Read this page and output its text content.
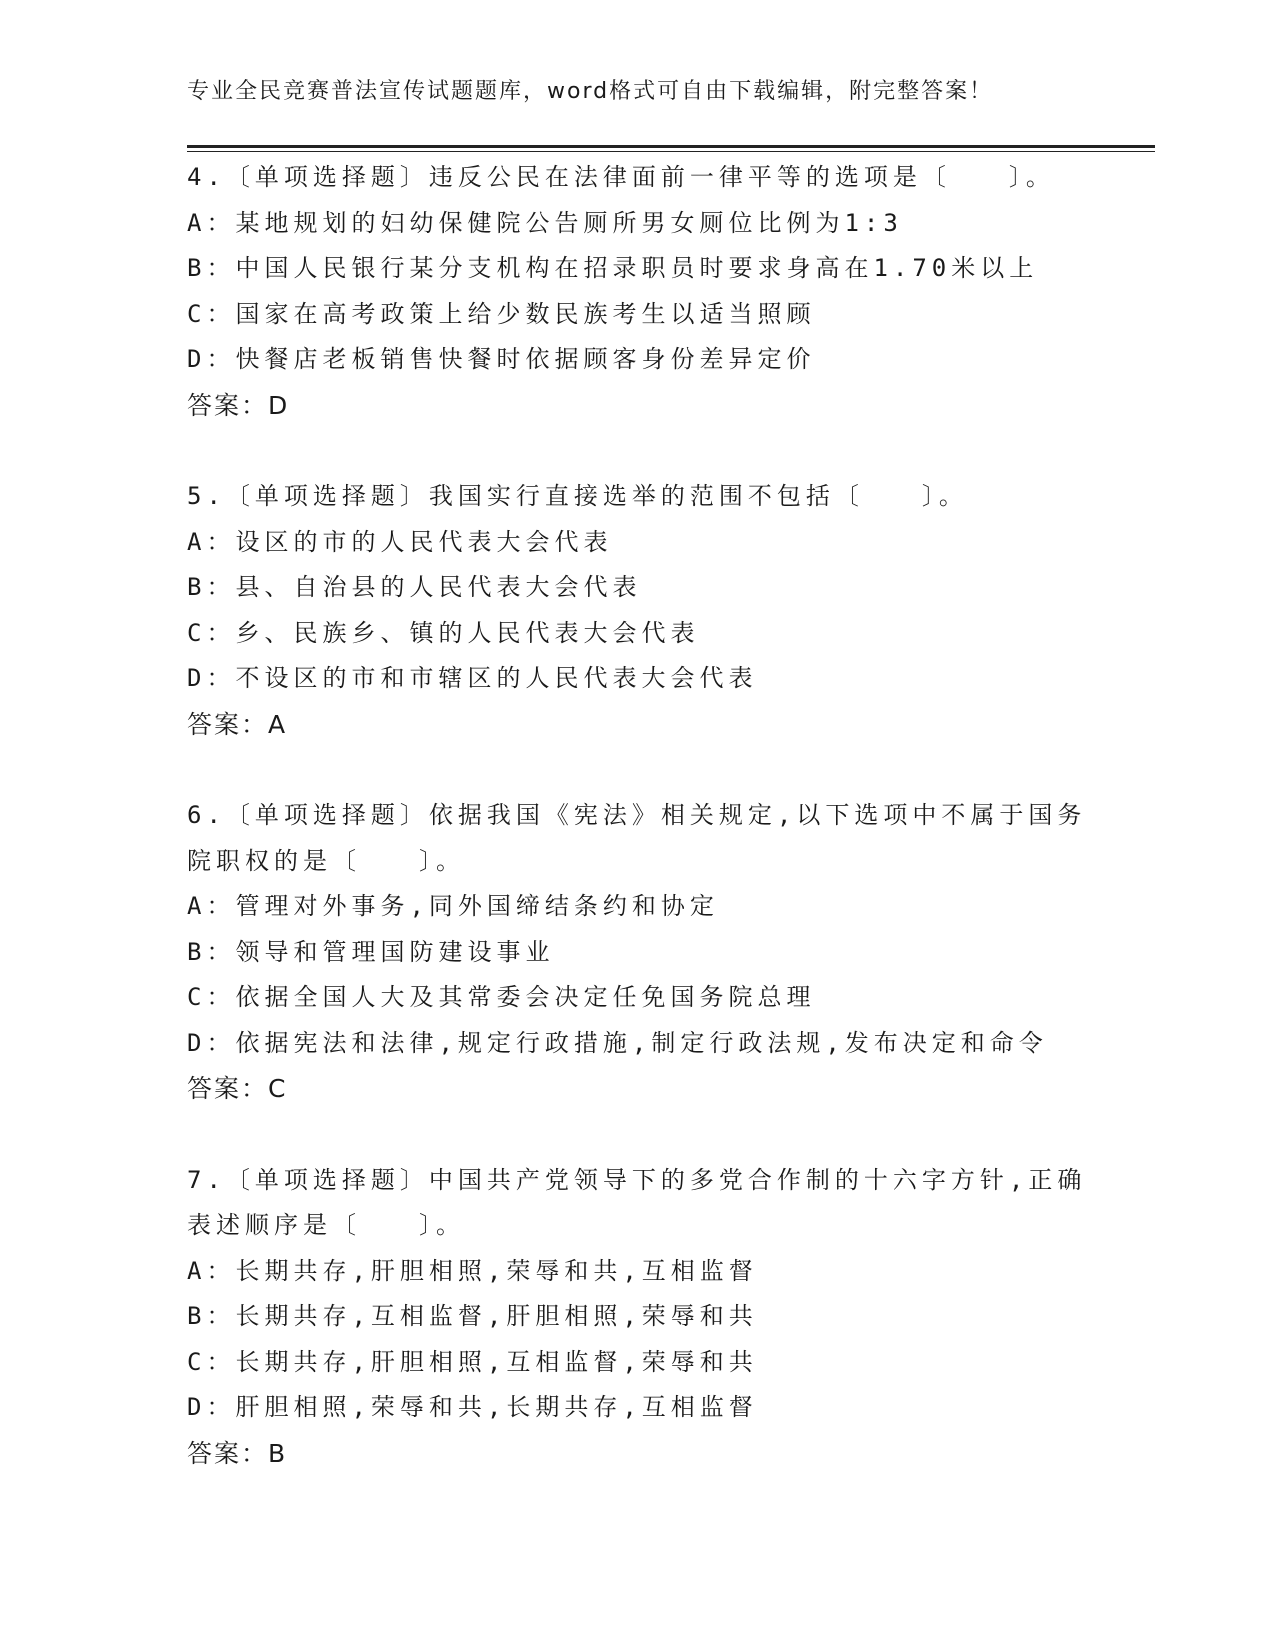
专业全民竞赛普法宣传试题题库，word格式可自由下载编辑，附完整答案！
4.〔单项选择题〕违反公民在法律面前一律平等的选项是〔　　〕。
A：某地规划的妇幼保健院公告厕所男女厕位比例为1:3
B：中国人民银行某分支机构在招录职员时要求身高在1.70米以上
C：国家在高考政策上给少数民族考生以适当照顾
D：快餐店老板销售快餐时依据顾客身份差异定价
答案：D
5.〔单项选择题〕我国实行直接选举的范围不包括〔　　〕。
A：设区的市的人民代表大会代表
B：县、自治县的人民代表大会代表
C：乡、民族乡、镇的人民代表大会代表
D：不设区的市和市辖区的人民代表大会代表
答案：A
6.〔单项选择题〕依据我国《宪法》相关规定,以下选项中不属于国务
院职权的是〔　　〕。
A：管理对外事务,同外国缔结条约和协定
B：领导和管理国防建设事业
C：依据全国人大及其常委会决定任免国务院总理
D：依据宪法和法律,规定行政措施,制定行政法规,发布决定和命令
答案：C
7.〔单项选择题〕中国共产党领导下的多党合作制的十六字方针,正确
表述顺序是〔　　〕。
A：长期共存,肝胆相照,荣辱和共,互相监督
B：长期共存,互相监督,肝胆相照,荣辱和共
C：长期共存,肝胆相照,互相监督,荣辱和共
D：肝胆相照,荣辱和共,长期共存,互相监督
答案：B
